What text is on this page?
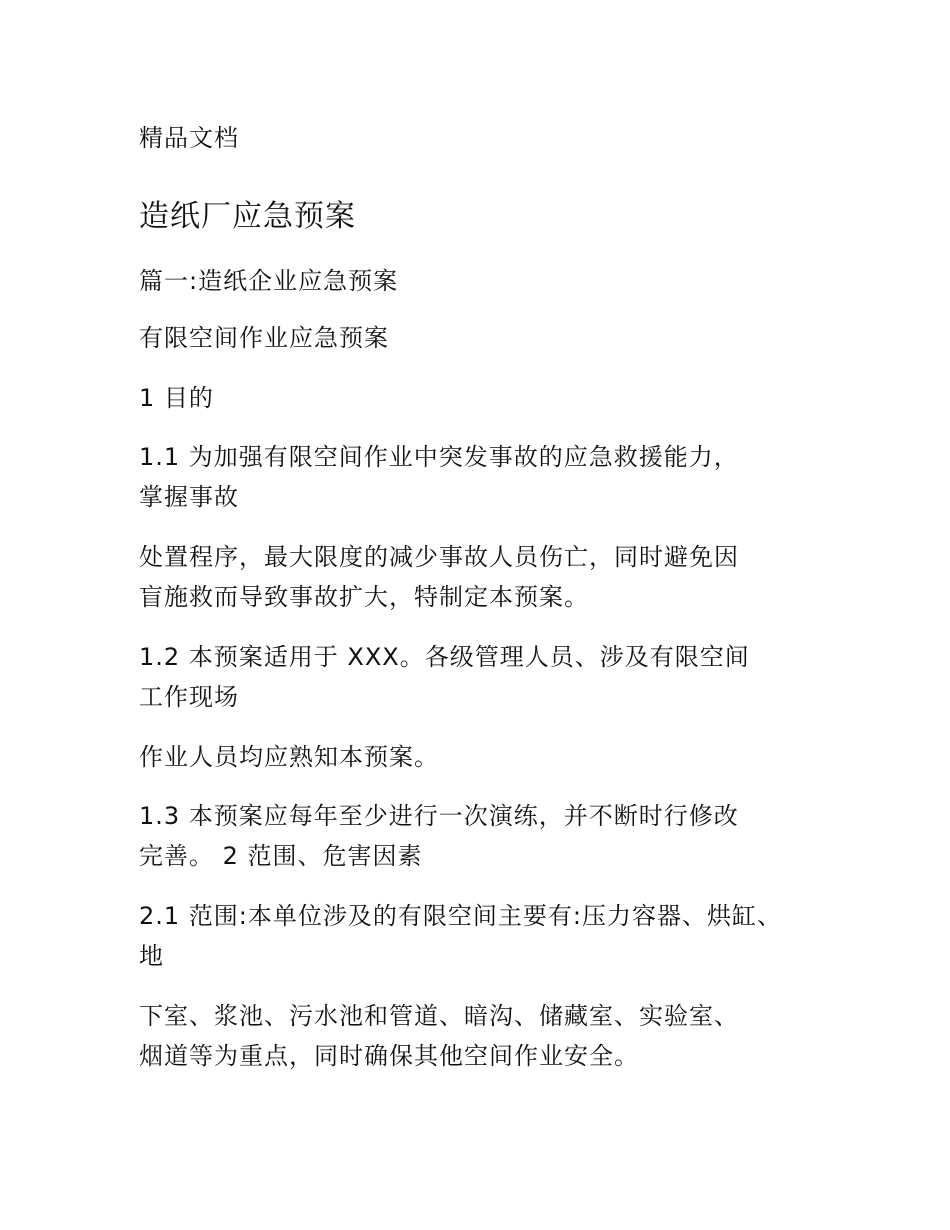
精品文档
造纸厂应急预案
篇一:造纸企业应急预案
有限空间作业应急预案
1 目的
1.1 为加强有限空间作业中突发事故的应急救援能力，
掌握事故
处置程序，最大限度的减少事故人员伤亡，同时避免因
盲施救而导致事故扩大，特制定本预案。
1.2 本预案适用于 XXX。各级管理人员、涉及有限空间
工作现场
作业人员均应熟知本预案。
1.3 本预案应每年至少进行一次演练，并不断时行修改
完善。 2 范围、危害因素
2.1 范围:本单位涉及的有限空间主要有:压力容器、烘缸、
地
下室、浆池、污水池和管道、暗沟、储藏室、实验室、
烟道等为重点，同时确保其他空间作业安全。
